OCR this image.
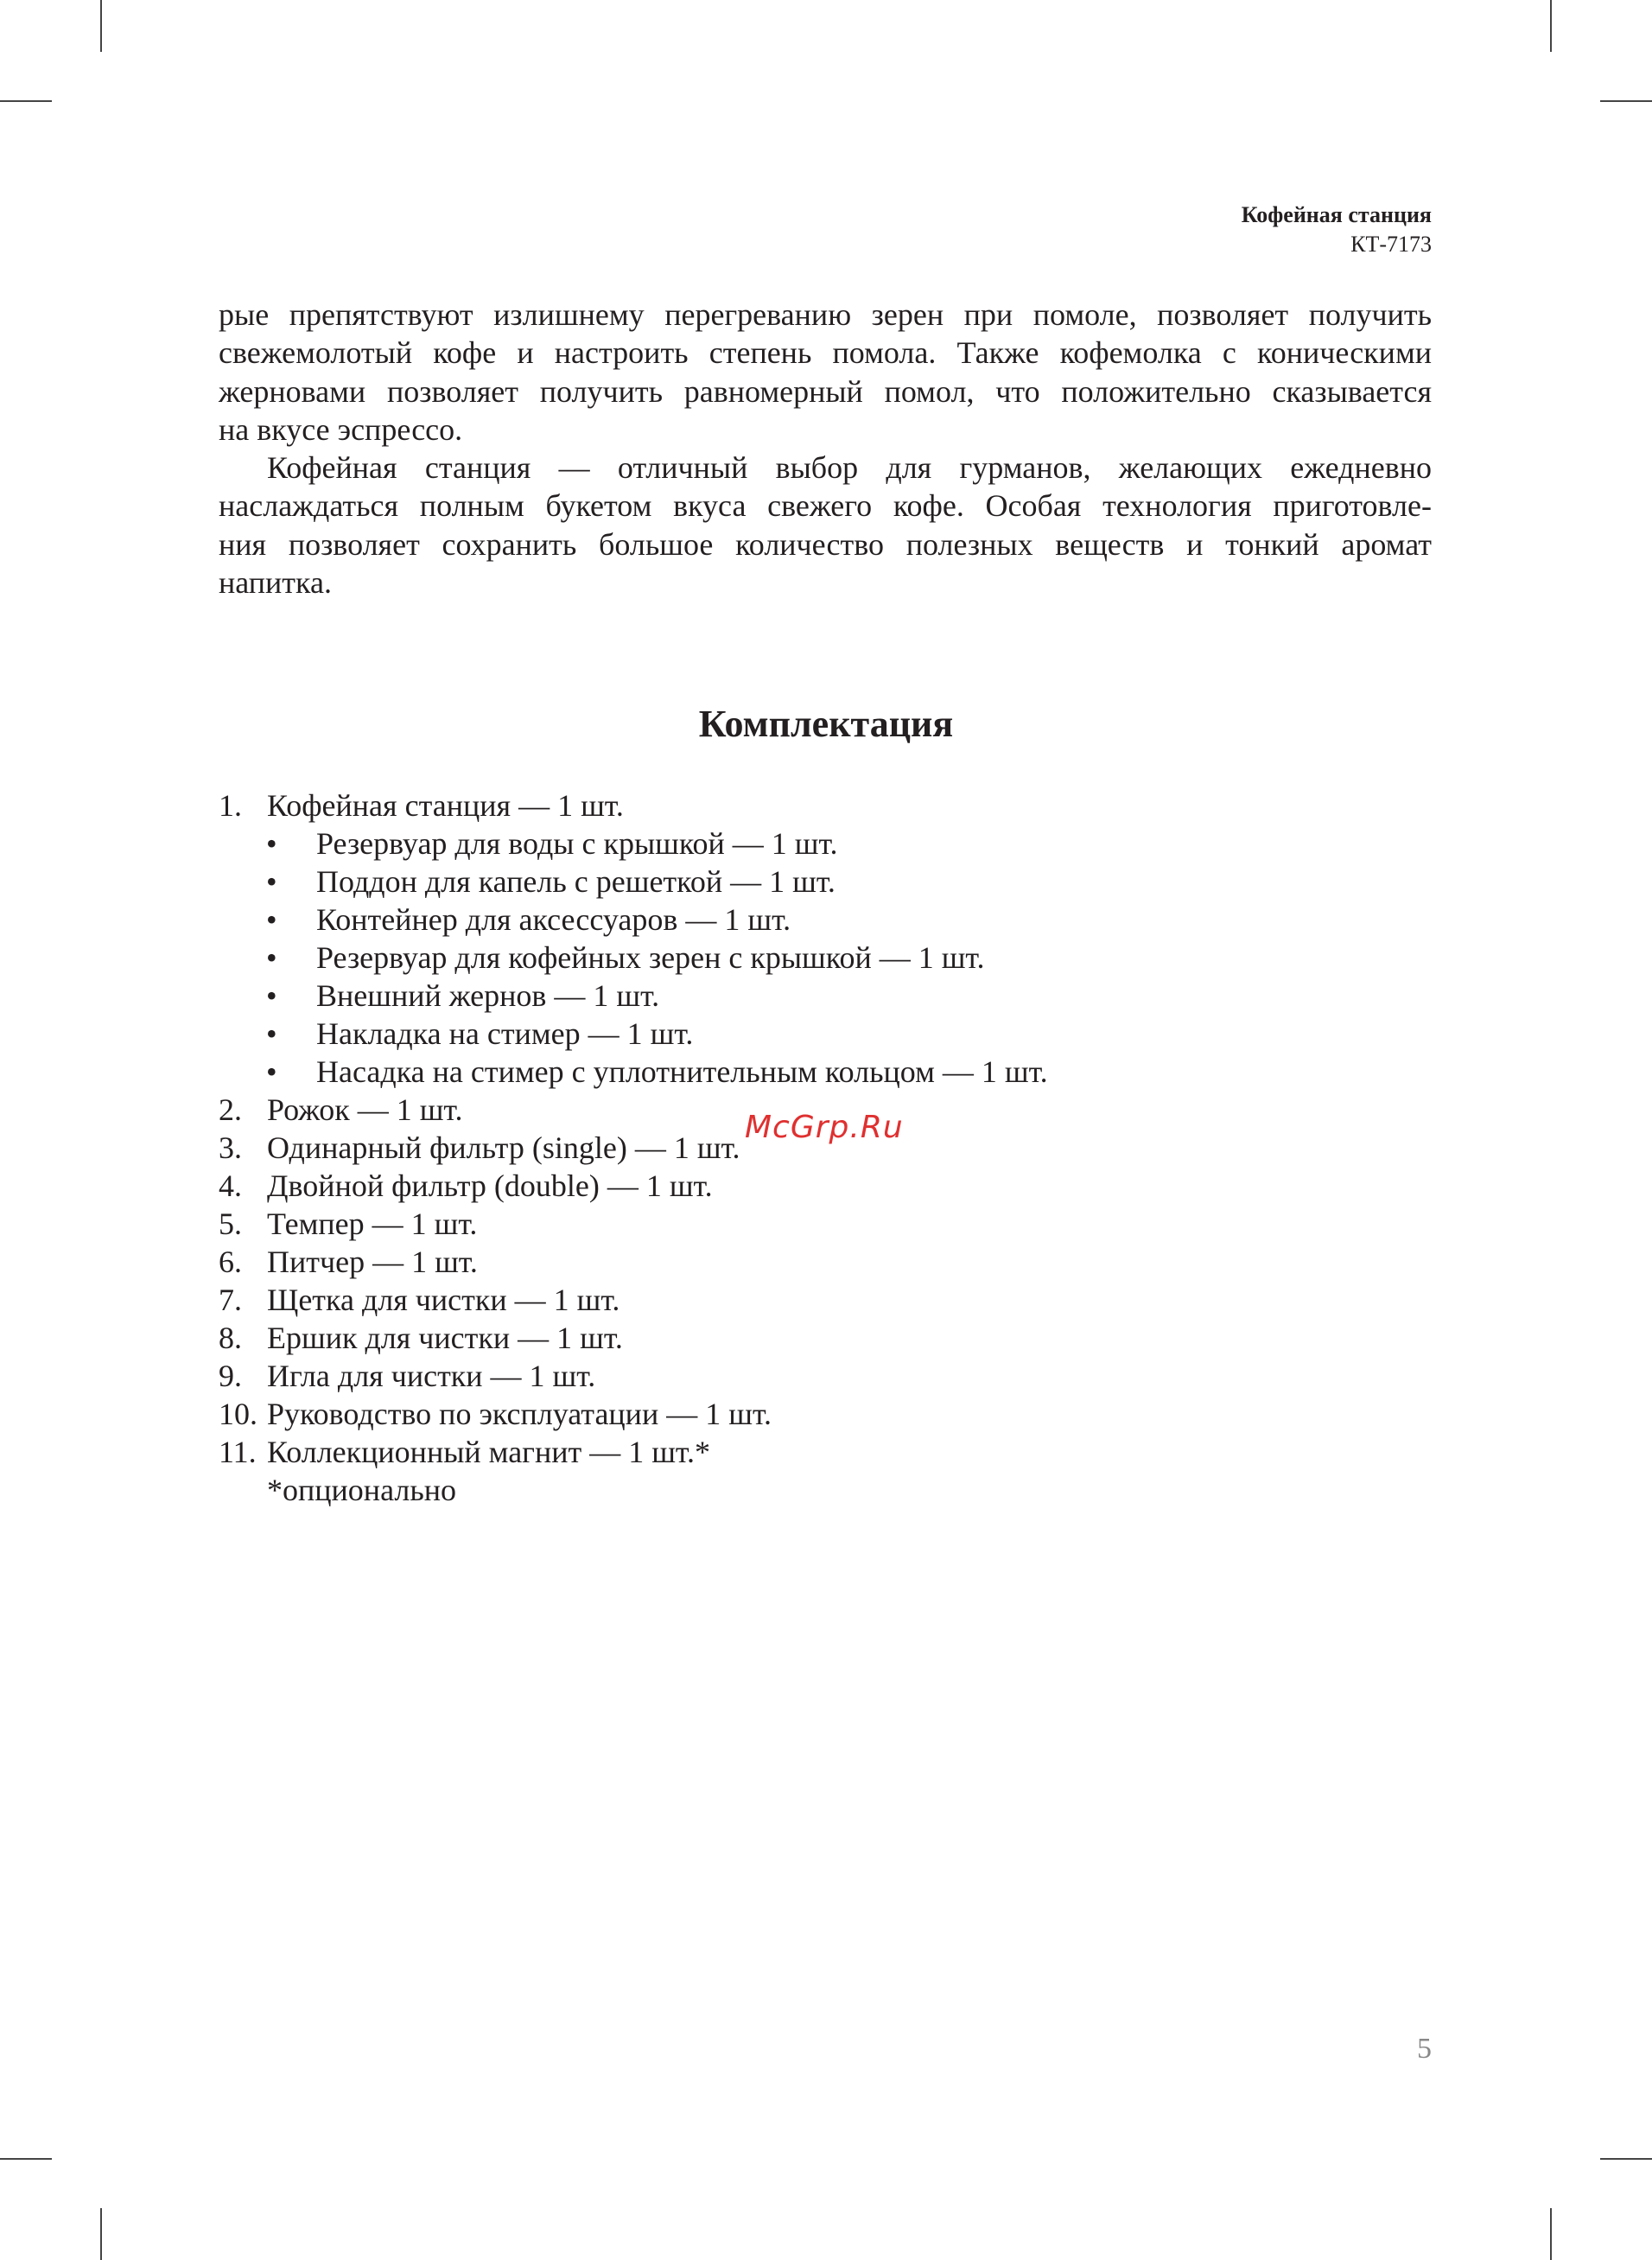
Кофейная станция
КТ-7173

рые препятствуют излишнему перегреванию зерен при помоле, позволяет получить

свежемолотый кофе и настроить степень помола. Также кофемолка с коническими

жерновами позволяет получить равномерный помол, что положительно сказывается

на вкусе эспрессо.

Кофейная станция — отличный выбор для гурманов, желающих ежедневно

наслаждаться полным букетом вкуса свежего кофе. Особая технология приготовле-

ния позволяет сохранить большое количество полезных веществ и тонкий аромат

напитка.

Комплектация
1. Кофейная станция — 1 шт.
• Резервуар для воды с крышкой — 1 шт.
• Поддон для капель с решеткой — 1 шт.
• Контейнер для аксессуаров — 1 шт.
• Резервуар для кофейных зерен с крышкой — 1 шт.
• Внешний жернов — 1 шт.
• Накладка на стимер — 1 шт.
• Насадка на стимер с уплотнительным кольцом — 1 шт.
2. Рожок — 1 шт.
3. Одинарный фильтр (single) — 1 шт.
4. Двойной фильтр (double) — 1 шт.
5. Темпер — 1 шт.
6. Питчер — 1 шт.
7. Щетка для чистки — 1 шт.
8. Ершик для чистки — 1 шт.
9. Игла для чистки — 1 шт.
10. Руководство по эксплуатации — 1 шт.
11. Коллекционный магнит — 1 шт.*
*опционально
McGrp.Ru
5
